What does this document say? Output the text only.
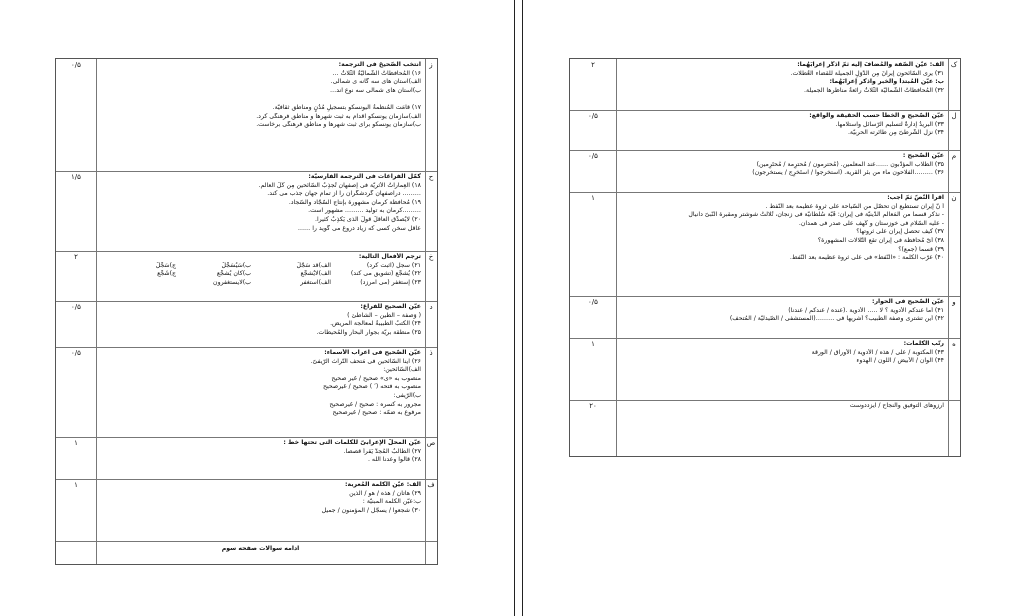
ز
۰/۵	انتخب الصّحیحَ فی الترجمة:
۱۶) المُحافظاتُ الشّمالیّةُ الثّلاثُ …
الف)استان های سه گانه ی شمالی.
ب)استان های شمالی سه نوع اند…
۱۷) قامَت المُنظَّمةُ الیونسکو بتسجیلِ مُدُنٍ ومناطق ثقافیّة.
الف)سازمان یونسکو اقدام به ثبت شهرها و مناطق فرهنگی کرد.
ب)سازمان یونسکو برای ثبت شهرها و مناطق فرهنگی برخاست.
ح
۱/۵	کمّل الفراغات فی الترجمة الفارسیّة:
۱۸) العِماراتُ الأثریّة فی إصفهان تُجذِبُ السّائحین مِن کُلِّ العالَم.
……… دراصفهان گردشگران را از تمام جهان جذب می کند.
۱۹) مُحافظة کرمان مشهورة بإنتاج السّجّاد والسّجاد.
………کرمان به تولید ……… مشهور است.
۲۰) لایُصدِّق العاقلُ قولَ الّذی یَکذِبُ کثیراً.
عاقل سخن کسی که زیاد دروغ می گوید را ……
خ
۲	ترجم الأفعال التالیة:
۲۱) سجل (اثبت کرد)
الف)قد سَجَّلَ
ب)سَیُسَجِّلُ
ج)سَجِّلْ
۲۲) یُشجِّع (تشویق می کند)
الف)لایُشجِّع
ب)کان یُشجِّع
ج)شَجِّع
۲۳) إستغفر (می آمرزد)
الف)استغفر
ب)لایستغفرون
د
۰/۵	عیّن الصحیح للفراغ:
( وَصفة – الطّین – الشاطئ )
۲۴) الکتبُ الطّبیبةُ لمعالجة المریض.
۲۵) منطقة بریّة بجوار البحار والمُحیطات.
ذ
۰/۵	عیّن الصّحیح فی اعراب الأسماء:
۲۶) اینا السّائحین فی مَتحف التّراث الرّیفیّ.
الف)السّائحین:
منصوب به «ی» صحیح / غیر صحیح
منصوب به فتحه ( َ ) صحیح / غیرصحیح
ب)الرّیفی:
مجرور به کسره : صحیح / غیرصحیح
مرفوع به ضمّه : صحیح / غیرصحیح
ص
۱	عیّن المحلّ الإعرابیّ للکلمات الّتی تحتها خطّ :
۲۷) الطّالبُ المُجدُّ یَقرأ قصصاً.
۲۸) قالوا وعدنا الله .
ف
۱	الف: عیّن الکلمة المُعربة:
۲۹) هاتان / هذه / هو / الّذین
ب:عیّن الکلمة المبنیّة :
۳۰) شجعوا / یسجّل / المؤمنون / جمیل
ادامه سوالات صفحه سوم
ک
۲	الف: عیّن الصّفة والمُضافَ إلیه ثمّ اذکُر إعرابَهُما:
۳۱) یری السّائحون إیرانَ مِن الدُّوَلِ الجمیلة للقضاء العُطلات.
ب: عیّن المُبتدأ والخبر واذکر إعرابَهُما:
۳۲) المُحافظاتُ الشّمالیّة الثّلاثُ رائعةٌ مناظرها الجمیلة.
ل
۰/۵	عیّن الصّحیح و الخطأ حسب الحقیقة والواقع:
۳۳) البریدُ إدارةٌ لتسلیم الرّسائل واستلامها.
۳۴) نزل الشّرطیّ مِن طائرته الحربیّة.
م
۰/۵	عیّن الصّحیح :
۳۵) الطّلاب المؤدّبون ……عند المعلّمین. (مُحترمون / مُحترِمة / مُحتَرِمین)
۳۶) ………الفلاحون ماء من بئر القریة. (استخرجوا / استَخرِج / یستخرجون)
ن
۱	اقرأ النّصّ ثمّ أجب:
أ نّ إیران تستطیع أن تحصّل من السّیاحة علی ثروة عظیمة بعد النّفط .
- نذکر قسماً من المَعالم الدّینیّة فی إیران: قُبّة سُلطانیّة فی زنجان، تُلالتُ شوشتر ومقبرة النّبیّ دانیال
- علیه السّلام فی خوزستان و کَهف علی صدر فی همدان.
۳۷) کیف تحصل إیران علی ثروتها؟
۳۸) أیّ مُحافظة فی إیران تقع التّلالات المشهورة؟
۳۹) قسماً (جمع)؟
۴۰) عرّب الکلمة : «النّفط» فی علی ثروة عظیمة بعد النّفط.
و
۰/۵	عیّن الصّحیح فی الحوار:
۴۱) أما عندکم الأدویة ؟ لا ….. الأدویة .(عنده / عندکم / عندنا)
۴۲) أین تشتری وصفة الطبیب؟ أشریها فی ………(المستشفی / الصّیدلیّة / المُتحف)
ه
۱	رتّب الکلمات:
۴۳) المکتوبة / علی / هذه / الأدویة / الأوراق / الورقة
۴۴) الوان / الأبیض / اللّون / الهدوء
۲۰	آرزوهای التوفیق والنجاح / ایزددوست
